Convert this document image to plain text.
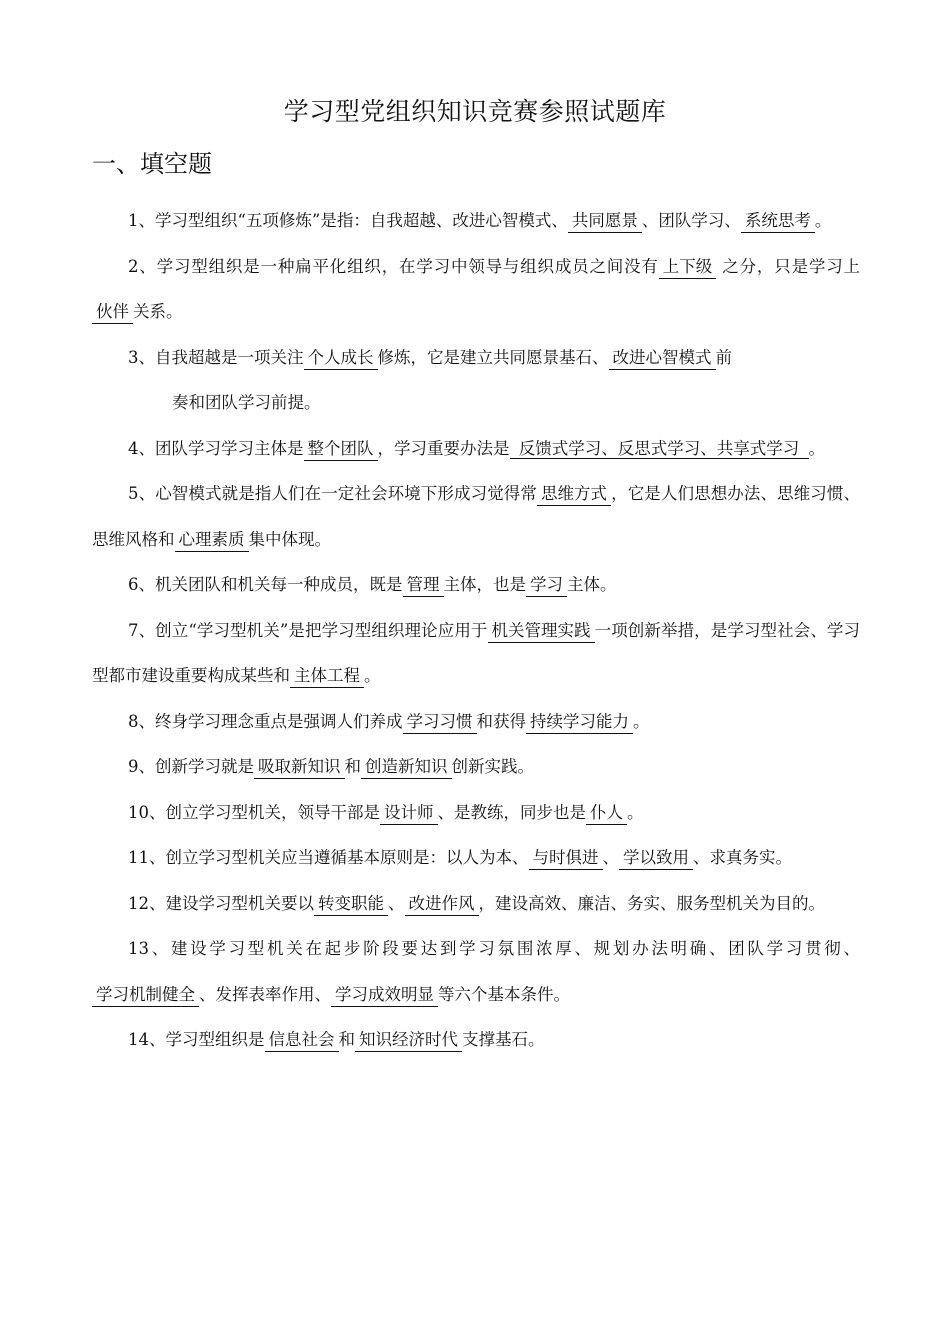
学习型党组织知识竞赛参照试题库
一、填空题

1、学习型组织“五项修炼”是指：自我超越、改进心智模式、 共同愿景、团队学习、 系统思考。

2、学习型组织是一种扁平化组织，在学习中领导与组织成员之间没有上下级 之分，只是学习上伙伴关系。

3、自我超越是一项关注个人成长修炼，它是建立共同愿景基石、 改进心智模式前
奏和团队学习前提。

4、团队学习学习主体是整个团队，学习重要办法是 反馈式学习、反思式学习、共享式学习 。

5、心智模式就是指人们在一定社会环境下形成习觉得常思维方式，它是人们思想办法、思维习惯、思维风格和心理素质集中体现。

6、机关团队和机关每一种成员，既是管理主体，也是学习主体。

7、创立“学习型机关”是把学习型组织理论应用于机关管理实践一项创新举措，是学习型社会、学习型都市建设重要构成某些和主体工程。

8、终身学习理念重点是强调人们养成学习习惯和获得持续学习能力。

9、创新学习就是吸取新知识和创造新知识创新实践。

10、创立学习型机关，领导干部是设计师、是教练，同步也是仆人。

11、创立学习型机关应当遵循基本原则是：以人为本、 与时俱进、 学以致用、求真务实。

12、建设学习型机关要以转变职能、改进作风，建设高效、廉洁、务实、服务型机关为目的。

13、建设学习型机关在起步阶段要达到学习氛围浓厚、规划办法明确、团队学习贯彻、学习机制健全、发挥表率作用、 学习成效明显等六个基本条件。

14、学习型组织是信息社会和知识经济时代支撑基石。
